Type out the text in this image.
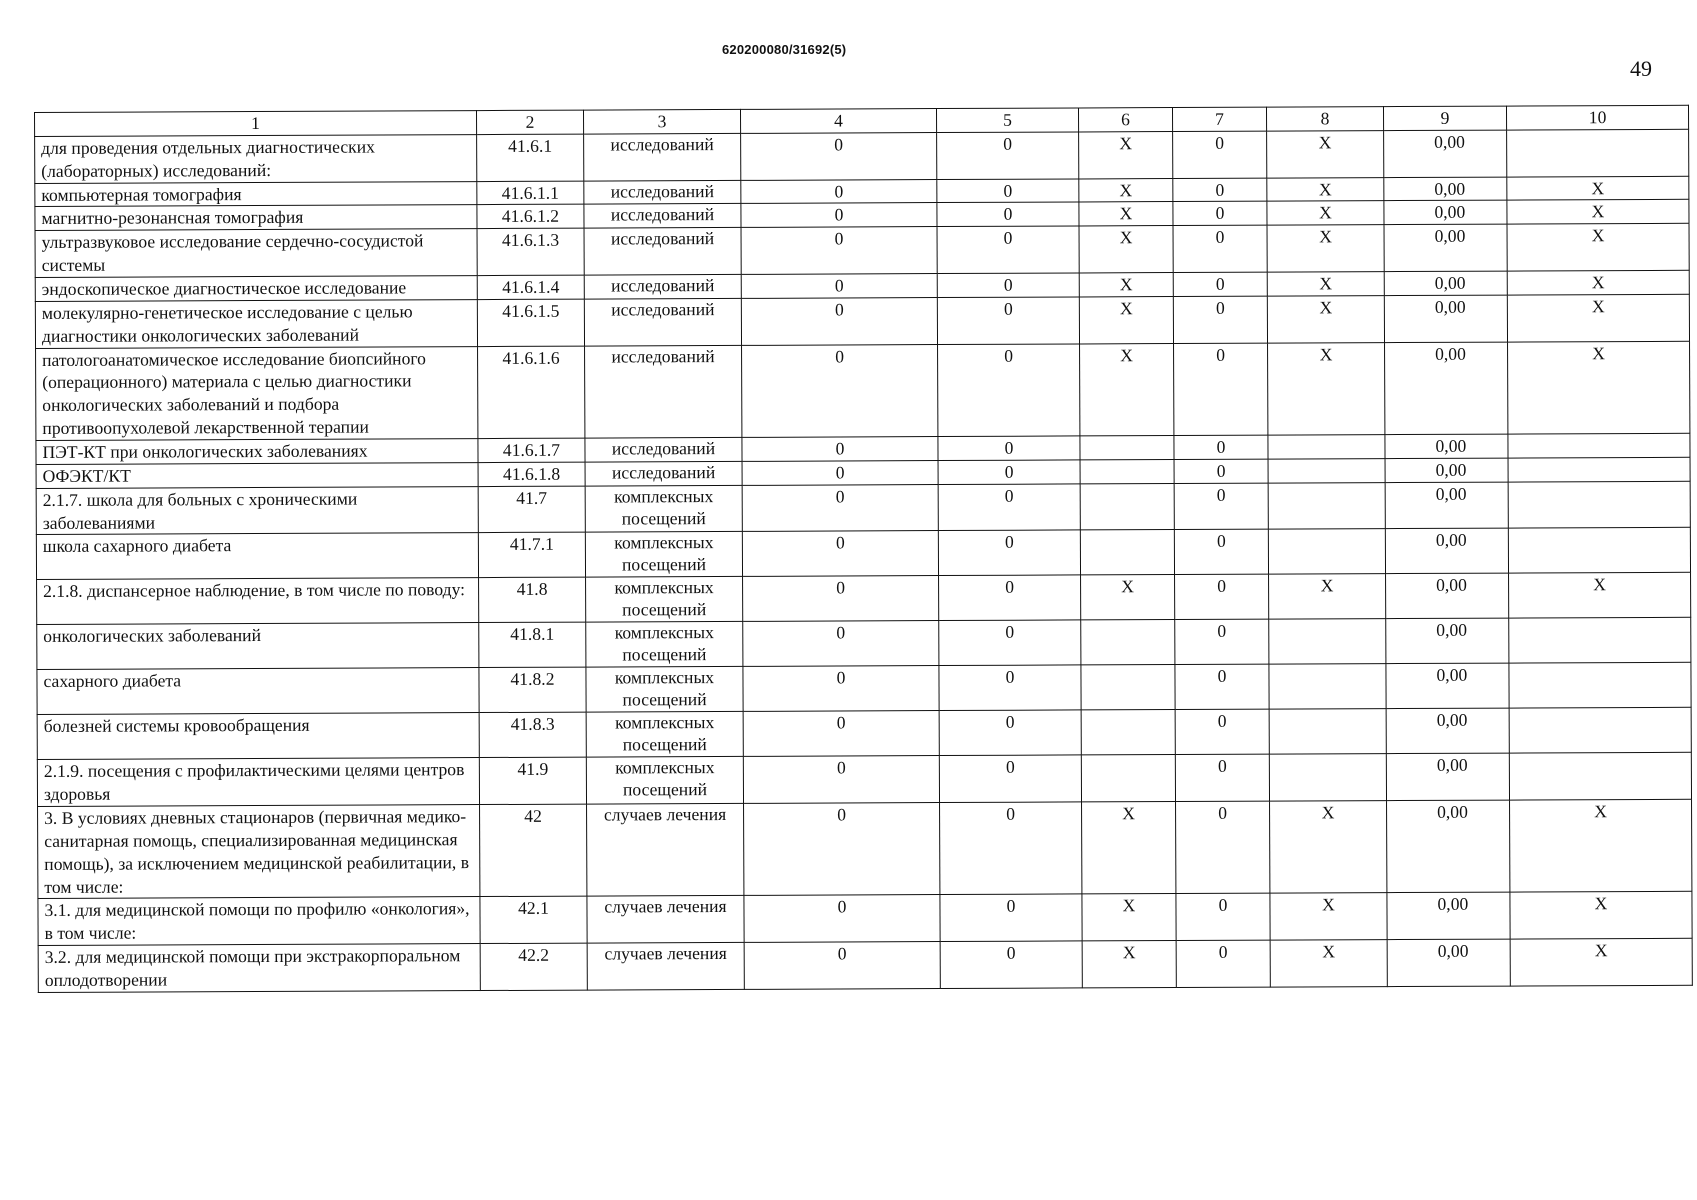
620200080/31692(5)
49
1	2	3	4	5	6	7	8	9	10
для проведения отдельных диагностических (лабораторных) исследований:	41.6.1	исследований	0	0	X	0	X	0,00	
компьютерная томография	41.6.1.1	исследований	0	0	X	0	X	0,00	X
магнитно-резонансная томография	41.6.1.2	исследований	0	0	X	0	X	0,00	X
ультразвуковое исследование сердечно-сосудистой системы	41.6.1.3	исследований	0	0	X	0	X	0,00	X
эндоскопическое диагностическое исследование	41.6.1.4	исследований	0	0	X	0	X	0,00	X
молекулярно-генетическое исследование с целью диагностики онкологических заболеваний	41.6.1.5	исследований	0	0	X	0	X	0,00	X
патологоанатомическое исследование биопсийного (операционного) материала с целью диагностики онкологических заболеваний и подбора противоопухолевой лекарственной терапии	41.6.1.6	исследований	0	0	X	0	X	0,00	X
ПЭТ-КТ при онкологических заболеваниях	41.6.1.7	исследований	0	0		0		0,00	
ОФЭКТ/КТ	41.6.1.8	исследований	0	0		0		0,00	
2.1.7. школа для больных с хроническими заболеваниями	41.7	комплексных посещений	0	0		0		0,00	
школа сахарного диабета	41.7.1	комплексных посещений	0	0		0		0,00	
2.1.8. диспансерное наблюдение, в том числе по поводу:	41.8	комплексных посещений	0	0	X	0	X	0,00	X
онкологических заболеваний	41.8.1	комплексных посещений	0	0		0		0,00	
сахарного диабета	41.8.2	комплексных посещений	0	0		0		0,00	
болезней системы кровообращения	41.8.3	комплексных посещений	0	0		0		0,00	
2.1.9. посещения с профилактическими целями центров здоровья	41.9	комплексных посещений	0	0		0		0,00	
3. В условиях дневных стационаров (первичная медико-санитарная помощь, специализированная медицинская помощь), за исключением медицинской реабилитации, в том числе:	42	случаев лечения	0	0	X	0	X	0,00	X
3.1. для медицинской помощи по профилю «онкология», в том числе:	42.1	случаев лечения	0	0	X	0	X	0,00	X
3.2. для медицинской помощи при экстракорпоральном оплодотворении	42.2	случаев лечения	0	0	X	0	X	0,00	X
